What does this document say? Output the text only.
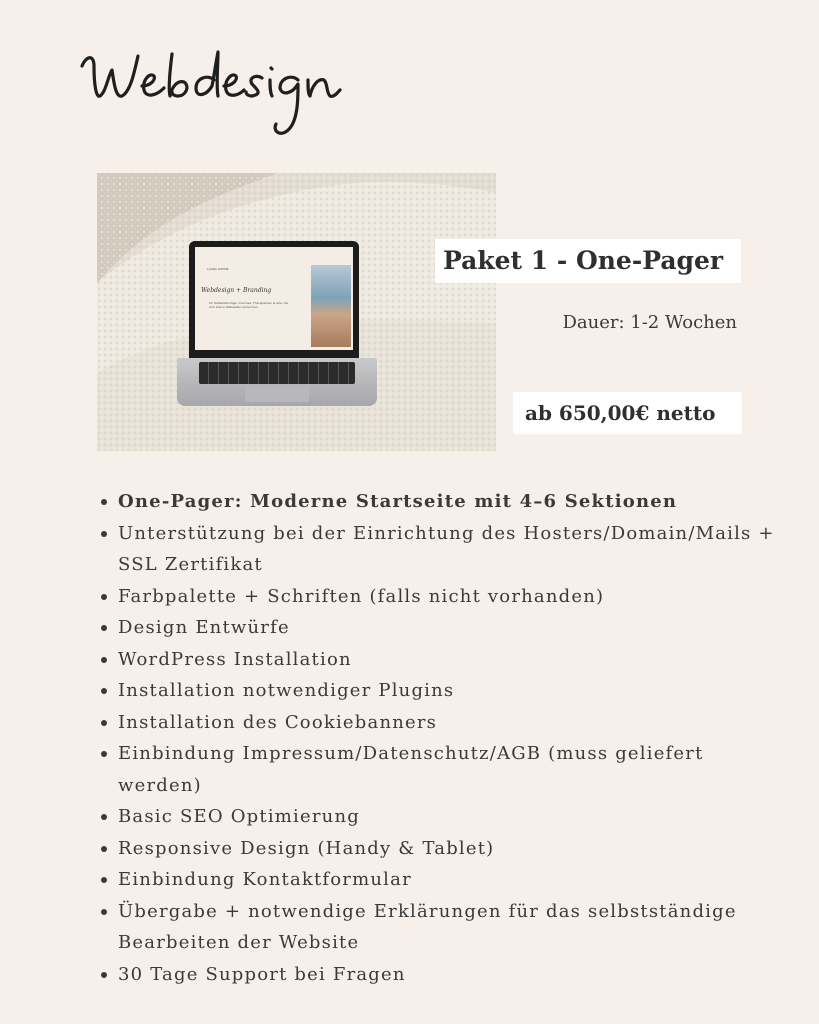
LAURA KOHNE
Webdesign + Branding
für Selbstständige, Coaches, Therapeuten & alle, die sich kleine Webseiten wünschen
Paket 1 - One-Pager
Dauer: 1-2 Wochen
ab 650,00€ netto
One-Pager: Moderne Startseite mit 4–6 Sektionen
Unterstützung bei der Einrichtung des Hosters/Domain/Mails + SSL Zertifikat
Farbpalette + Schriften (falls nicht vorhanden)
Design Entwürfe
WordPress Installation
Installation notwendiger Plugins
Installation des Cookiebanners
Einbindung Impressum/Datenschutz/AGB (muss geliefert werden)
Basic SEO Optimierung
Responsive Design (Handy & Tablet)
Einbindung Kontaktformular
Übergabe + notwendige Erklärungen für das selbstständige Bearbeiten der Website
30 Tage Support bei Fragen
